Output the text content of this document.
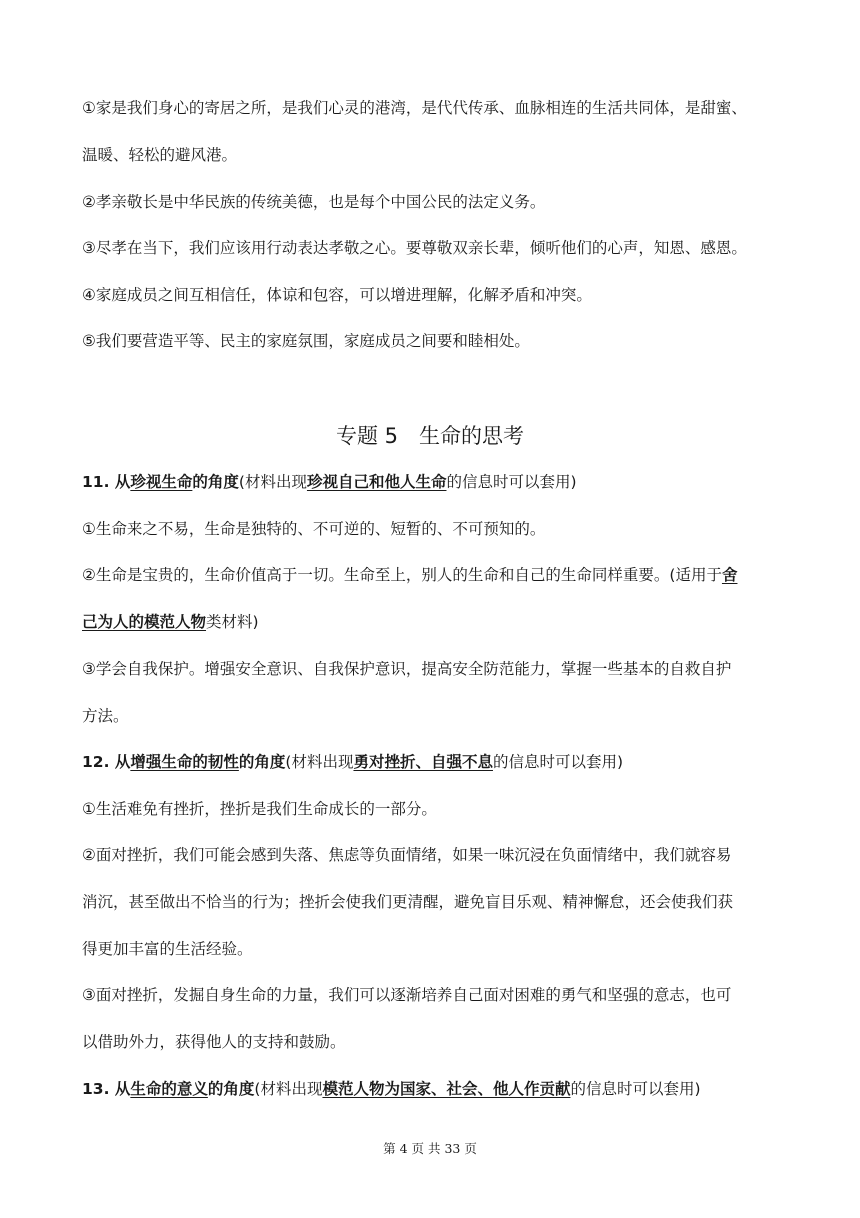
①家是我们身心的寄居之所，是我们心灵的港湾，是代代传承、血脉相连的生活共同体，是甜蜜、
温暖、轻松的避风港。
②孝亲敬长是中华民族的传统美德，也是每个中国公民的法定义务。
③尽孝在当下，我们应该用行动表达孝敬之心。要尊敬双亲长辈，倾听他们的心声，知恩、感恩。
④家庭成员之间互相信任，体谅和包容，可以增进理解，化解矛盾和冲突。
⑤我们要营造平等、民主的家庭氛围，家庭成员之间要和睦相处。
专题 5　生命的思考
11. 从珍视生命的角度(材料出现珍视自己和他人生命的信息时可以套用)
①生命来之不易，生命是独特的、不可逆的、短暂的、不可预知的。
②生命是宝贵的，生命价值高于一切。生命至上，别人的生命和自己的生命同样重要。(适用于舍
己为人的模范人物类材料)
③学会自我保护。增强安全意识、自我保护意识，提高安全防范能力，掌握一些基本的自救自护
方法。
12. 从增强生命的韧性的角度(材料出现勇对挫折、自强不息的信息时可以套用)
①生活难免有挫折，挫折是我们生命成长的一部分。
②面对挫折，我们可能会感到失落、焦虑等负面情绪，如果一味沉浸在负面情绪中，我们就容易
消沉，甚至做出不恰当的行为；挫折会使我们更清醒，避免盲目乐观、精神懈怠，还会使我们获
得更加丰富的生活经验。
③面对挫折，发掘自身生命的力量，我们可以逐渐培养自己面对困难的勇气和坚强的意志，也可
以借助外力，获得他人的支持和鼓励。
13. 从生命的意义的角度(材料出现模范人物为国家、社会、他人作贡献的信息时可以套用)
第 4 页 共 33 页
